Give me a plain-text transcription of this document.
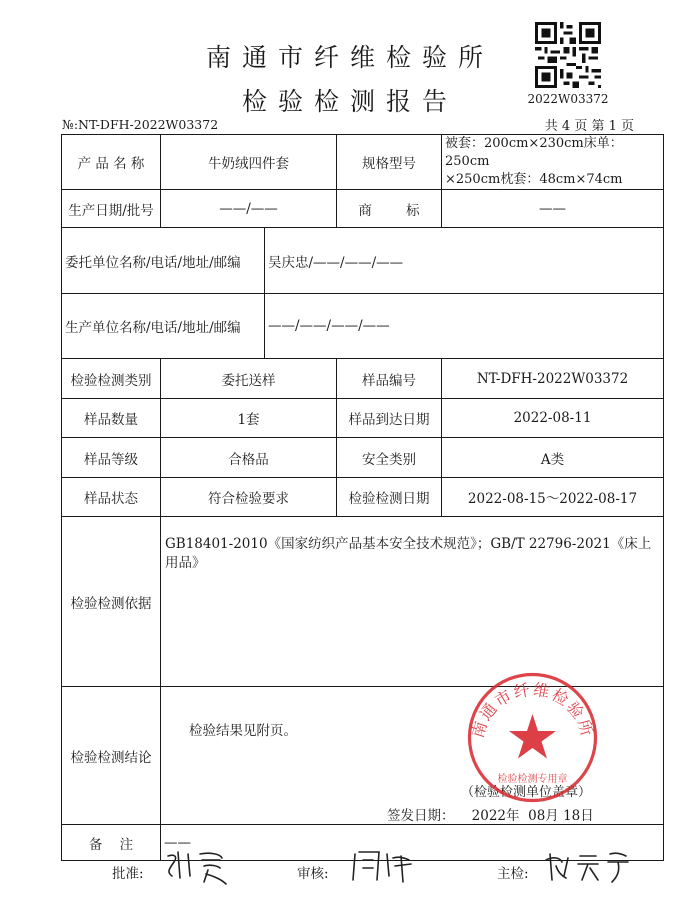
南通市纤维检验所
检验检测报告	2022W03372
№:NT-DFH-2022W03372	共 4 页 第 1 页
产 品 名 称	牛奶绒四件套		规格型号	被套：200cm×230cm床单：250cm
×250cm枕套：48cm×74cm

生产日期/批号	——/——		商        标	——
委托单位名称/电话/地址/邮编		吴庆忠/——/——/——		
生产单位名称/电话/地址/邮编		——/——/——/——		
检验检测类别	委托送样		样品编号	NT-DFH-2022W03372
样品数量	1套		样品到达日期	2022-08-11
样品等级	合格品		安全类别	A类
样品状态	符合检验要求		检验检测日期	2022-08-15～2022-08-17
检验检测依据	GB18401-2010《国家纺织产品基本安全技术规范》；GB/T 22796-2021《床上用品》			
检验检测结论	检验结果见附页。
（检验检测单位盖章）
签发日期：    2022年  08月 18日			

备    注	——			
南通市纤维检验所
检验检测专用章
批准:	审核:	主检:
